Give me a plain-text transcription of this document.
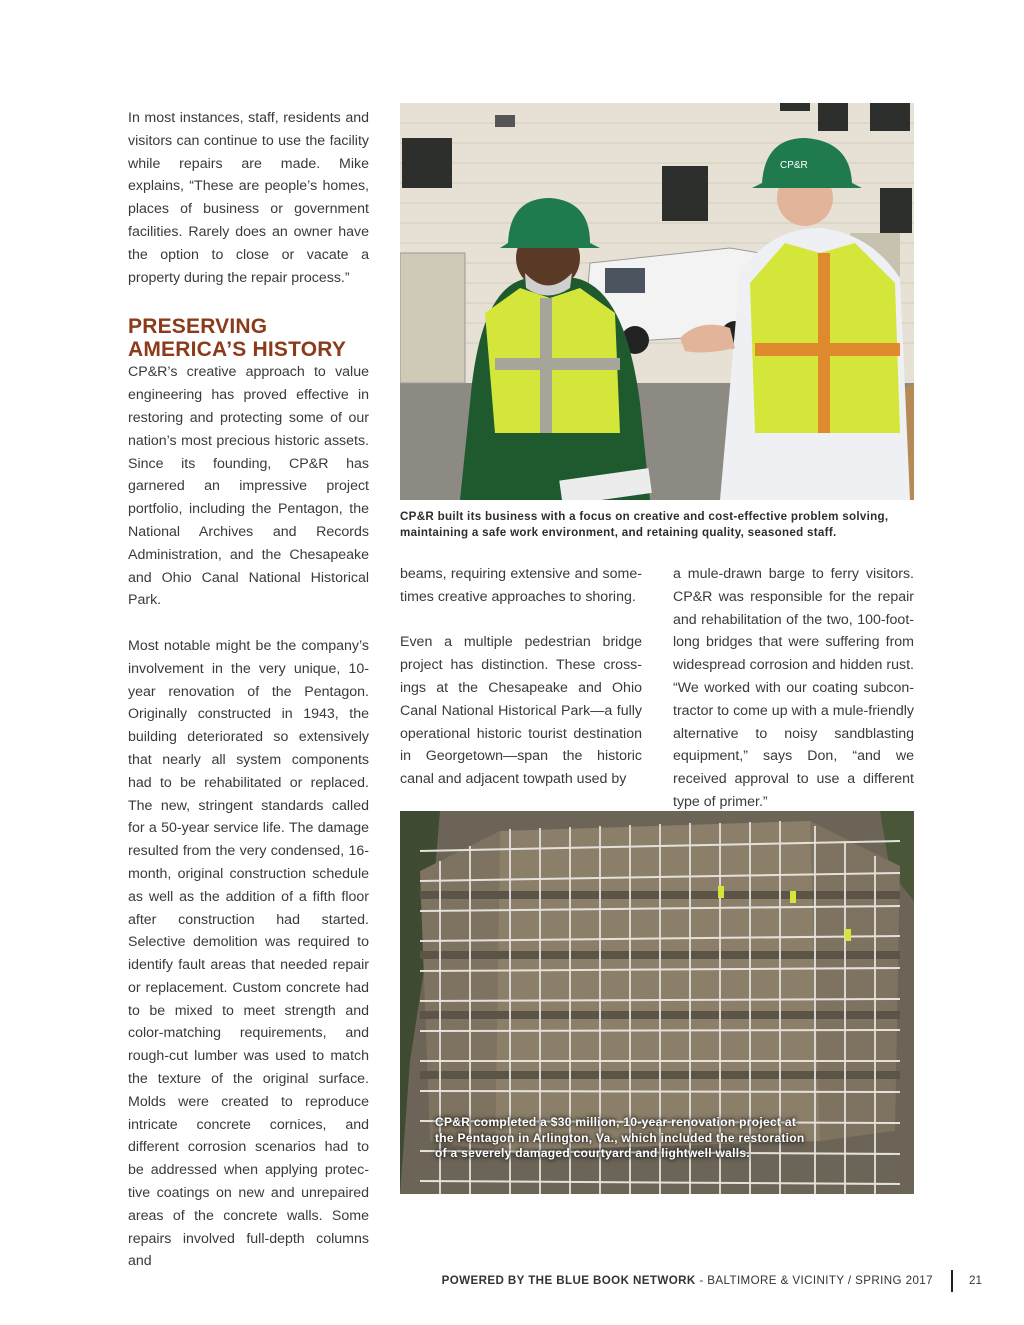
In most instances, staff, residents and visitors can continue to use the facility while repairs are made. Mike explains, “These are people’s homes, places of business or government facilities. Rarely does an owner have the option to close or vacate a property during the repair process.”

PRESERVING AMERICA’S HISTORY

CP&R’s creative approach to value engineering has proved effective in restoring and protecting some of our nation’s most precious historic assets. Since its founding, CP&R has garnered an impressive project portfolio, including the Pentagon, the National Archives and Records Administration, and the Chesapeake and Ohio Canal National Historical Park.

Most notable might be the company’s involvement in the very unique, 10-year renovation of the Pentagon. Originally constructed in 1943, the building deteriorated so extensively that nearly all system components had to be rehabilitated or replaced. The new, stringent standards called for a 50-year service life. The damage resulted from the very condensed, 16-month, original construction schedule as well as the addition of a fifth floor after construction had started. Selective demolition was required to identify fault areas that needed repair or replacement. Custom concrete had to be mixed to meet strength and color-matching requirements, and rough-cut lumber was used to match the texture of the original surface. Molds were created to reproduce intricate concrete cornices, and different corrosion scenarios had to be addressed when applying protective coatings on new and unrepaired areas of the concrete walls. Some repairs involved full-depth columns and

CP&R
CP&R built its business with a focus on creative and cost-effective problem solving, maintaining a safe work environment, and retaining quality, seasoned staff.

beams, requiring extensive and sometimes creative approaches to shoring.

Even a multiple pedestrian bridge project has distinction. These crossings at the Chesapeake and Ohio Canal National Historical Park—a fully operational historic tourist destination in Georgetown—span the historic canal and adjacent towpath used by

a mule-drawn barge to ferry visitors. CP&R was responsible for the repair and rehabilitation of the two, 100-foot-long bridges that were suffering from widespread corrosion and hidden rust. “We worked with our coating subcontractor to come up with a mule-friendly alternative to noisy sandblasting equipment,” says Don, “and we received approval to use a different type of primer.”

CP&R completed a $30 million, 10-year renovation project at the Pentagon in Arlington, Va., which included the restoration of a severely damaged courtyard and lightwell walls.
POWERED BY THE BLUE BOOK NETWORK - BALTIMORE & VICINITY / SPRING 2017	21
